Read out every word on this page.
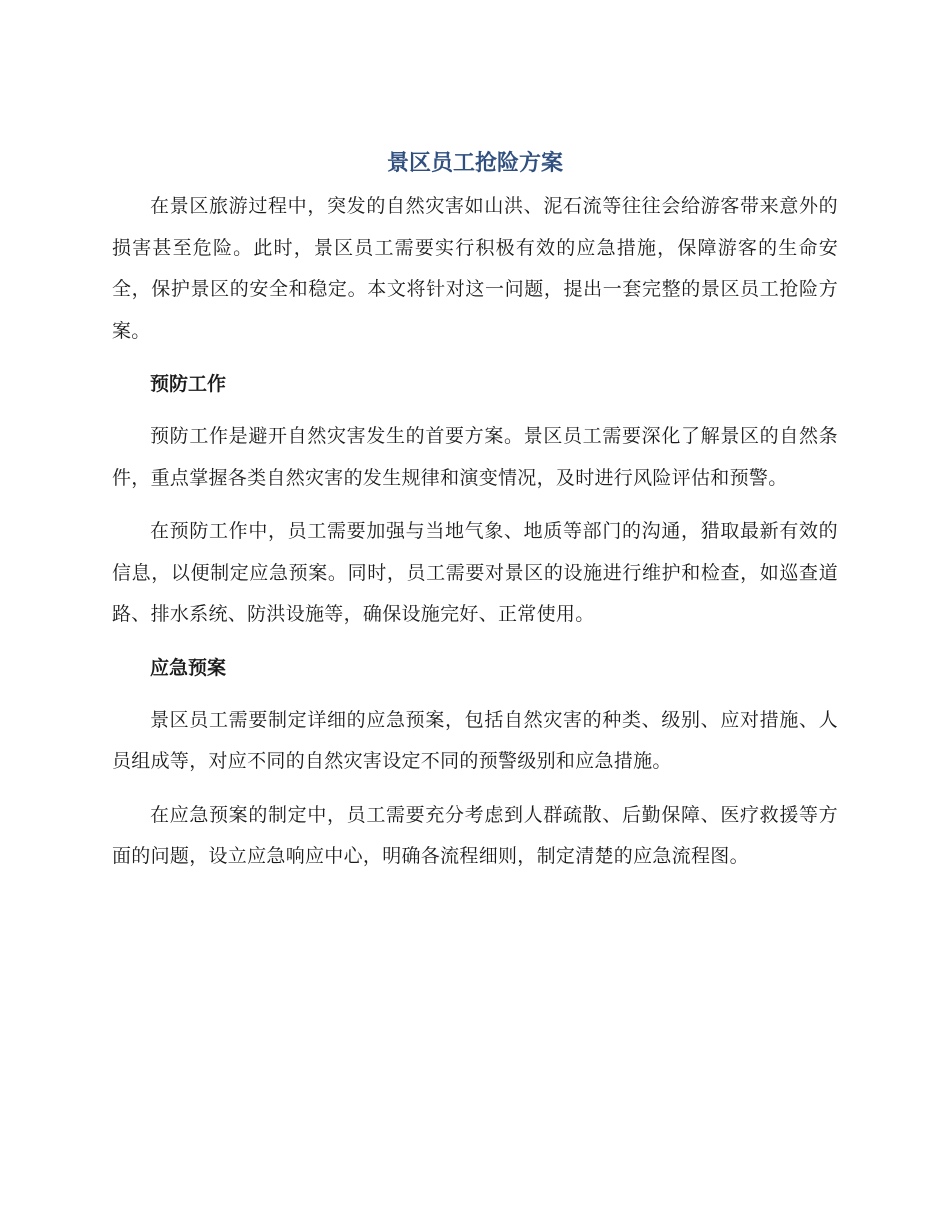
景区员工抢险方案

在景区旅游过程中，突发的自然灾害如山洪、泥石流等往往会给游客带来意外的损害甚至危险。此时，景区员工需要实行积极有效的应急措施，保障游客的生命安全，保护景区的安全和稳定。本文将针对这一问题，提出一套完整的景区员工抢险方案。

预防工作

预防工作是避开自然灾害发生的首要方案。景区员工需要深化了解景区的自然条件，重点掌握各类自然灾害的发生规律和演变情况，及时进行风险评估和预警。

在预防工作中，员工需要加强与当地气象、地质等部门的沟通，猎取最新有效的信息，以便制定应急预案。同时，员工需要对景区的设施进行维护和检查，如巡查道路、排水系统、防洪设施等，确保设施完好、正常使用。

应急预案

景区员工需要制定详细的应急预案，包括自然灾害的种类、级别、应对措施、人员组成等，对应不同的自然灾害设定不同的预警级别和应急措施。

在应急预案的制定中，员工需要充分考虑到人群疏散、后勤保障、医疗救援等方面的问题，设立应急响应中心，明确各流程细则，制定清楚的应急流程图。
